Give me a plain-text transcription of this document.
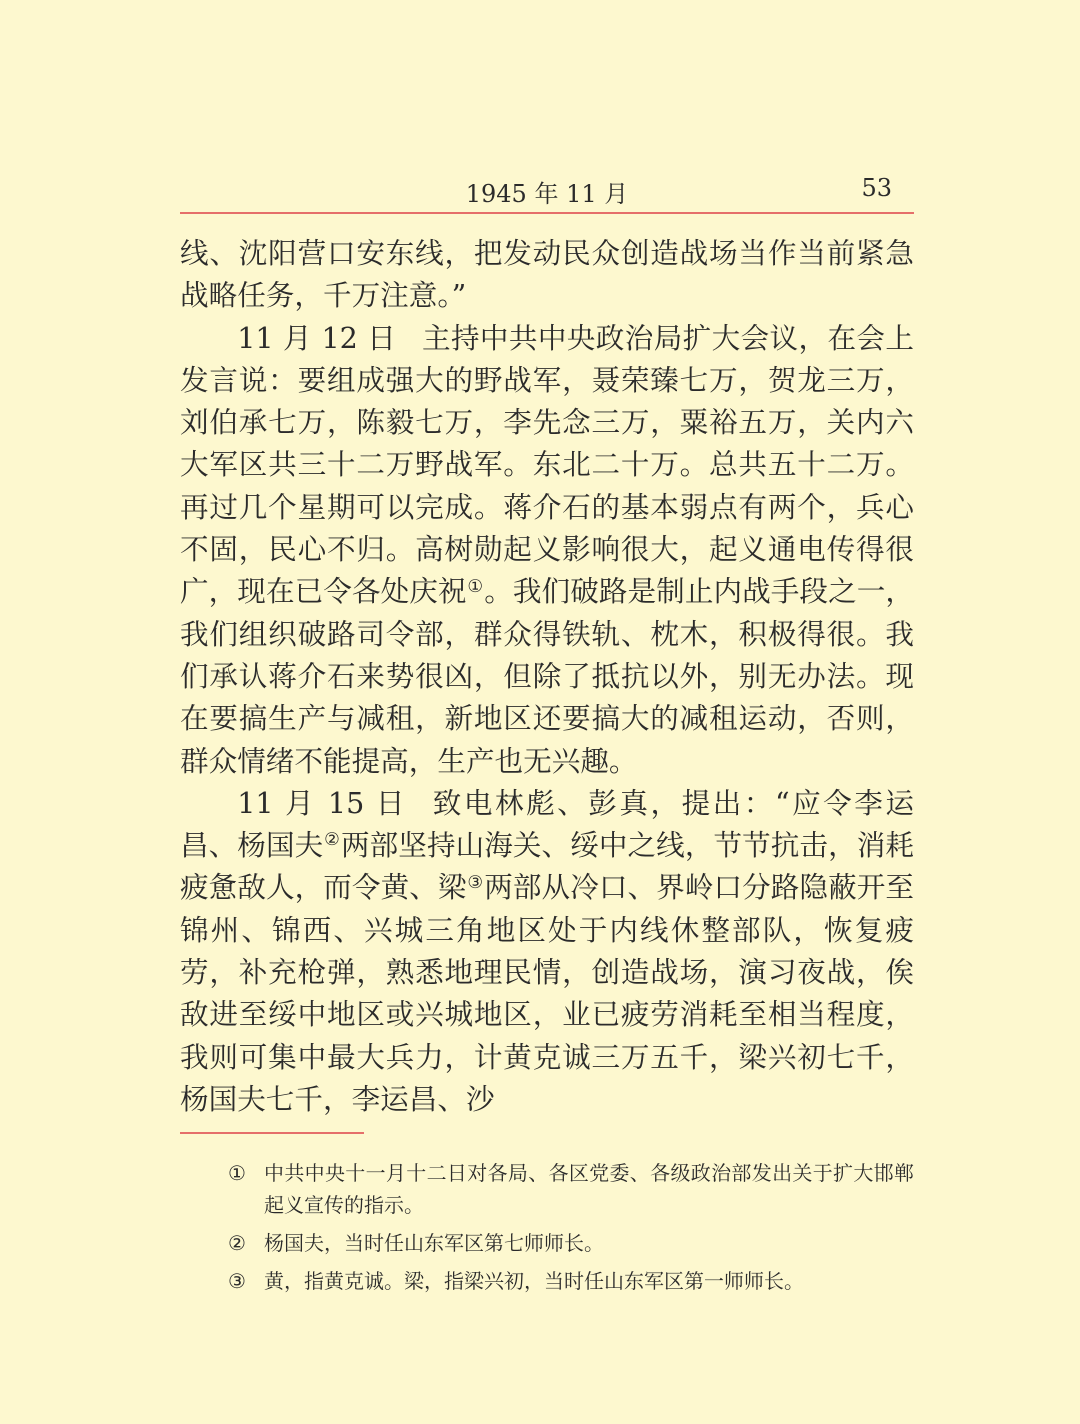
1945 年 11 月	53

线、沈阳营口安东线，把发动民众创造战场当作当前紧急战略任务，千万注意。”

11 月 12 日 主持中共中央政治局扩大会议，在会上发言说：要组成强大的野战军，聂荣臻七万，贺龙三万，刘伯承七万，陈毅七万，李先念三万，粟裕五万，关内六大军区共三十二万野战军。东北二十万。总共五十二万。再过几个星期可以完成。蒋介石的基本弱点有两个，兵心不固，民心不归。高树勋起义影响很大，起义通电传得很广，现在已令各处庆祝①。我们破路是制止内战手段之一，我们组织破路司令部，群众得铁轨、枕木，积极得很。我们承认蒋介石来势很凶，但除了抵抗以外，别无办法。现在要搞生产与减租，新地区还要搞大的减租运动，否则，群众情绪不能提高，生产也无兴趣。

11 月 15 日 致电林彪、彭真，提出：“应令李运昌、杨国夫②两部坚持山海关、绥中之线，节节抗击，消耗疲惫敌人，而令黄、梁③两部从冷口、界岭口分路隐蔽开至锦州、锦西、兴城三角地区处于内线休整部队，恢复疲劳，补充枪弹，熟悉地理民情，创造战场，演习夜战，俟敌进至绥中地区或兴城地区，业已疲劳消耗至相当程度，我则可集中最大兵力，计黄克诚三万五千，梁兴初七千，杨国夫七千，李运昌、沙

① 中共中央十一月十二日对各局、各区党委、各级政治部发出关于扩大邯郸起义宣传的指示。
② 杨国夫，当时任山东军区第七师师长。
③ 黄，指黄克诚。梁，指梁兴初，当时任山东军区第一师师长。
